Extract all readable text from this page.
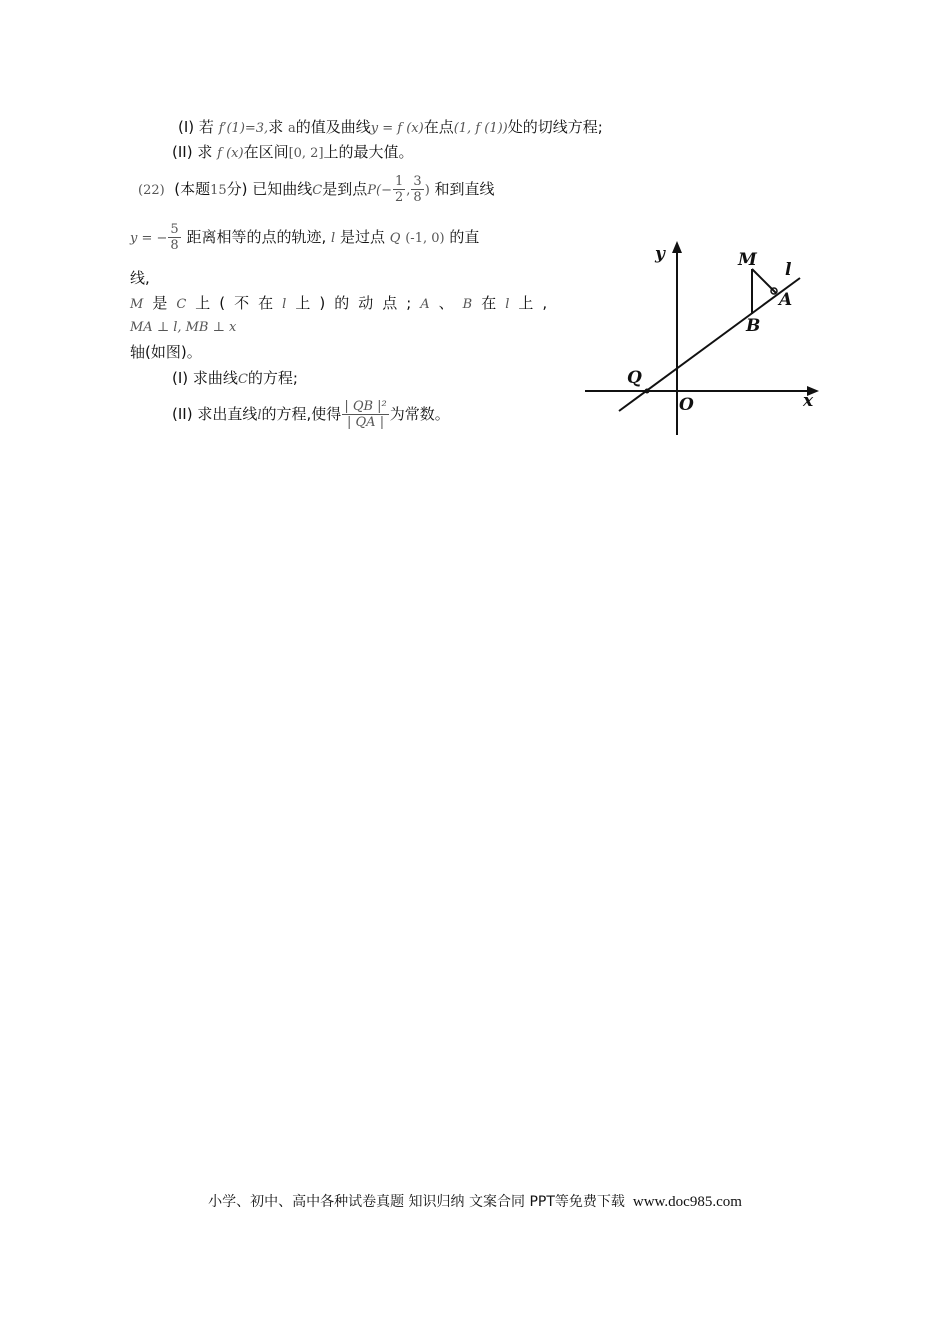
(I) 若 f′(1)=3,求 a的值及曲线y = f (x)在点(1, f (1))处的切线方程;
(II) 求 f (x)在区间[0, 2]上的最大值。
(22) (本题15分) 已知曲线C是到点$P(- \frac{1}{2}$ , $\frac{3}{8}$ ) 和到直线
y = − $\frac{5}{8}$ 距离相等的点的轨迹, l 是过点 Q (-1, 0) 的直
线,
M是C上(不在l上)的动点;A、B在l上,
MA ⊥ l, MB ⊥ x
轴(如图)。
(I) 求曲线C的方程;
(II) 求出直线l的方程,使得 $\frac{\text{| QB |²}}{| QA |}$ 为常数。
y	M l
A
B
Q
O	x
小学、初中、高中各种试卷真题 知识归纳 文案合同 PPT等免费下载 www.doc985.com
